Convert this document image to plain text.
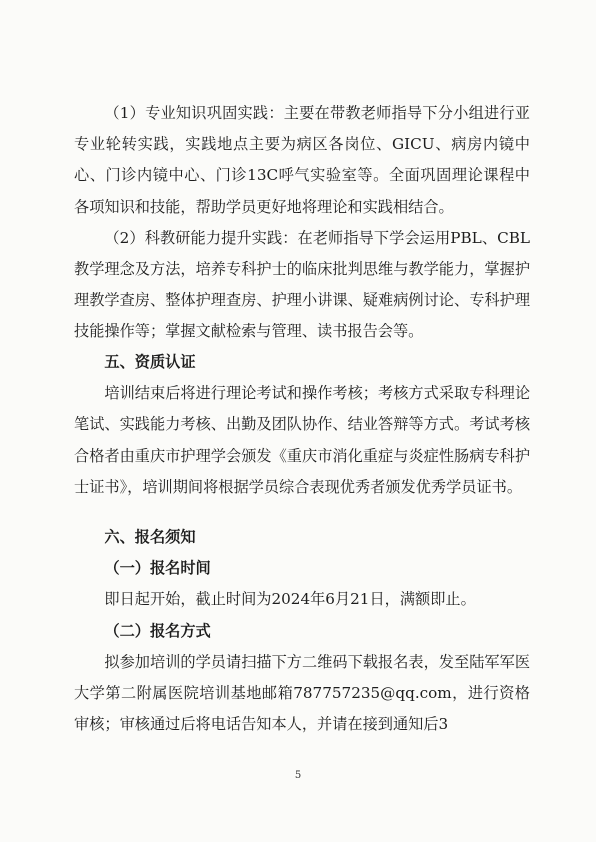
（1）专业知识巩固实践：主要在带教老师指导下分小组进行亚专业轮转实践，实践地点主要为病区各岗位、GICU、病房内镜中心、门诊内镜中心、门诊13C呼气实验室等。全面巩固理论课程中各项知识和技能，帮助学员更好地将理论和实践相结合。

（2）科教研能力提升实践：在老师指导下学会运用PBL、CBL教学理念及方法，培养专科护士的临床批判思维与教学能力，掌握护理教学查房、整体护理查房、护理小讲课、疑难病例讨论、专科护理技能操作等；掌握文献检索与管理、读书报告会等。

五、资质认证

培训结束后将进行理论考试和操作考核；考核方式采取专科理论笔试、实践能力考核、出勤及团队协作、结业答辩等方式。考试考核合格者由重庆市护理学会颁发《重庆市消化重症与炎症性肠病专科护士证书》，培训期间将根据学员综合表现优秀者颁发优秀学员证书。

六、报名须知

（一）报名时间

即日起开始，截止时间为2024年6月21日，满额即止。

（二）报名方式

拟参加培训的学员请扫描下方二维码下载报名表，发至陆军军医大学第二附属医院培训基地邮箱787757235@qq.com，进行资格审核；审核通过后将电话告知本人，并请在接到通知后3

5
